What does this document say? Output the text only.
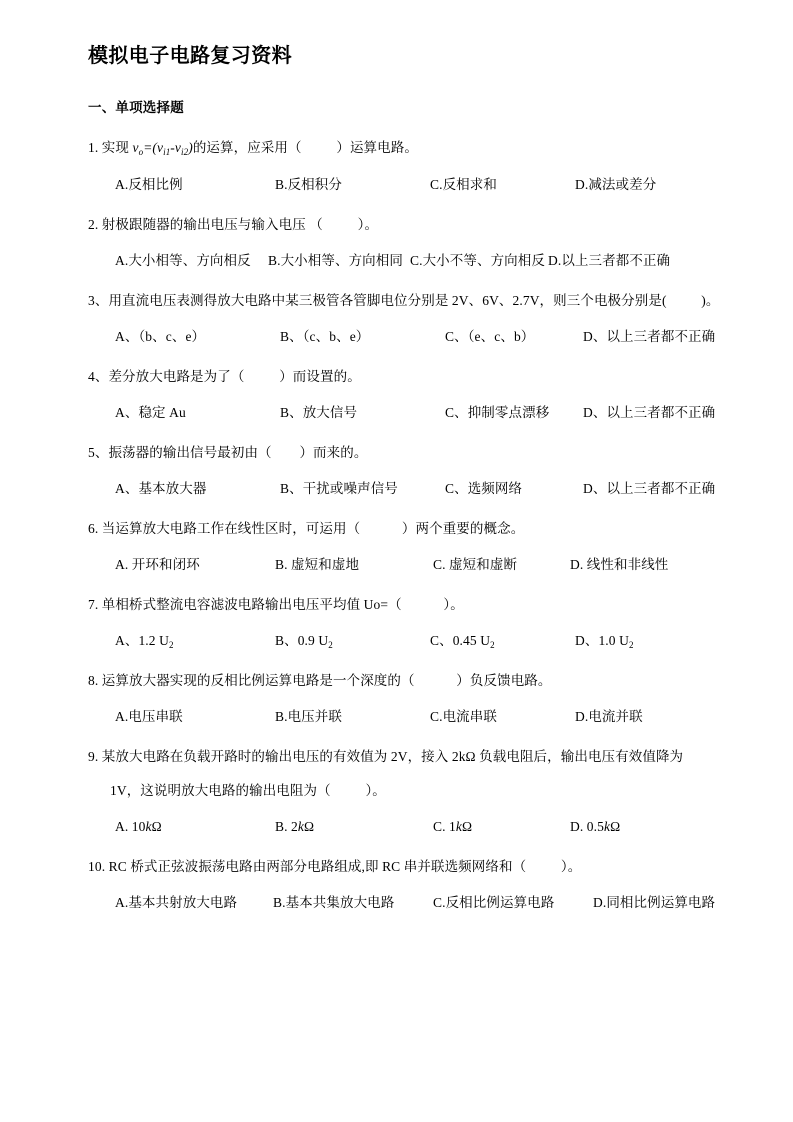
模拟电子电路复习资料
一、单项选择题
1. 实现 $v_o=(v_{i1}-v_{i2})$的运算，应采用（          ）运算电路。
A.反相比例	B.反相积分	C.反相求和	D.减法或差分
2. 射极跟随器的输出电压与输入电压 （          ）。
A.大小相等、方向相反 B.大小相等、方向相同 C.大小不等、方向相反 D.以上三者都不正确
3、用直流电压表测得放大电路中某三极管各管脚电位分别是 2V、6V、2.7V，则三个电极分别是(          )。
A、（b、c、e）	B、（c、b、e）	C、（e、c、b）	D、以上三者都不正确
4、差分放大电路是为了（          ）而设置的。
A、稳定 Au	B、放大信号	C、抑制零点漂移 D、以上三者都不正确
5、振荡器的输出信号最初由（        ）而来的。
A、基本放大器	B、干扰或噪声信号	C、选频网络	D、以上三者都不正确
6. 当运算放大电路工作在线性区时，可运用（            ）两个重要的概念。
A. 开环和闭环	B. 虚短和虚地	C. 虚短和虚断	D. 线性和非线性
7. 单相桥式整流电容滤波电路输出电压平均值 Uo=（            ）。
A、1.2 $U_2$	B、0.9 $U_2$	C、0.45 $U_2$	D、1.0 $U_2$
8. 运算放大器实现的反相比例运算电路是一个深度的（            ）负反馈电路。
A.电压串联	B.电压并联	C.电流串联	D.电流并联
9. 某放大电路在负载开路时的输出电压的有效值为 2V，接入 2kΩ 负载电阻后，输出电压有效值降为
1V，这说明放大电路的输出电阻为（          ）。
A. 10kΩ	B. 2kΩ	C. 1kΩ	D. 0.5kΩ
10. RC 桥式正弦波振荡电路由两部分电路组成,即 RC 串并联选频网络和（          ）。
A.基本共射放大电路	B.基本共集放大电路	C.反相比例运算电路	D.同相比例运算电路
